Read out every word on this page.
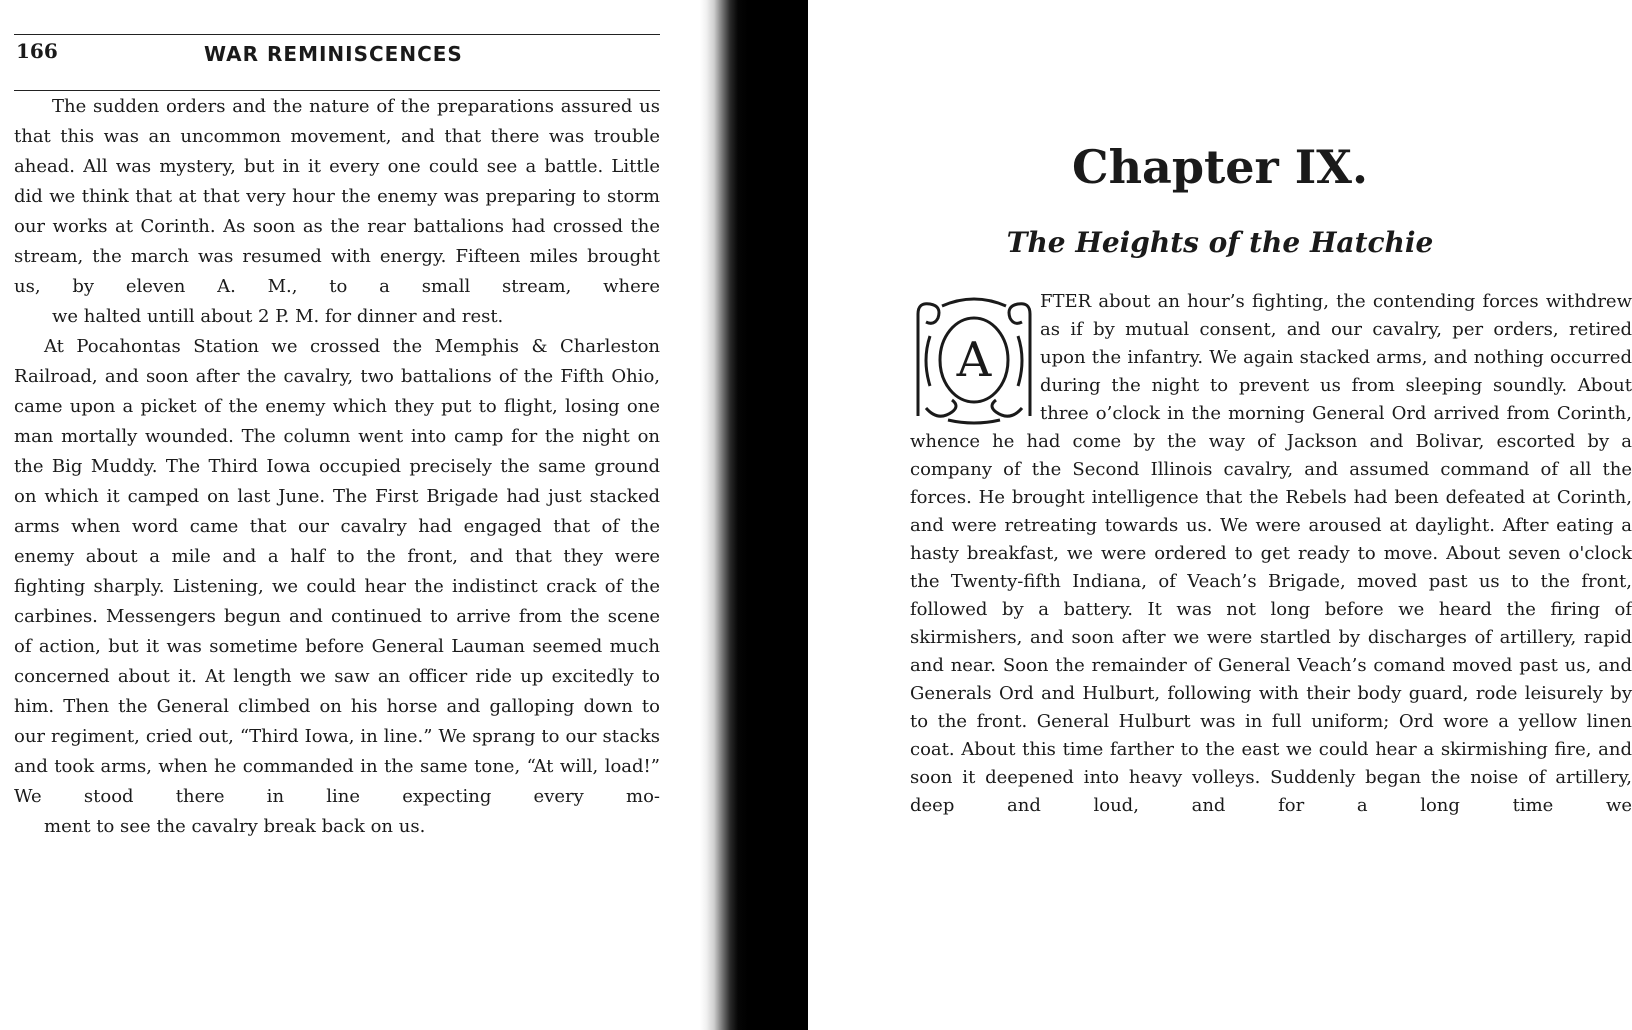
166	WAR REMINISCENCES

The sudden orders and the nature of the preparations assured us that this was an uncommon movement, and that there was trouble ahead. All was mystery, but in it every one could see a battle. Little did we think that at that very hour the enemy was preparing to storm our works at Corinth. As soon as the rear battalions had crossed the stream, the march was resumed with energy. Fifteen miles brought us, by eleven A. M., to a small stream, where
we halted untill about 2 P. M. for dinner and rest.

At Pocahontas Station we crossed the Memphis & Charleston Railroad, and soon after the cavalry, two battalions of the Fifth Ohio, came upon a picket of the enemy which they put to flight, losing one man mortally wounded. The column went into camp for the night on the Big Muddy. The Third Iowa occupied precisely the same ground on which it camped on last June. The First Brigade had just stacked arms when word came that our cavalry had engaged that of the enemy about a mile and a half to the front, and that they were fighting sharply. Listening, we could hear the indistinct crack of the carbines. Messengers begun and continued to arrive from the scene of action, but it was sometime before General Lauman seemed much concerned about it. At length we saw an officer ride up excitedly to him. Then the General climbed on his horse and galloping down to our regiment, cried out, “Third Iowa, in line.” We sprang to our stacks and took arms, when he commanded in the same tone, “At will, load!” We stood there in line expecting every mo-
ment to see the cavalry break back on us.

Chapter IX.
The Heights of the Hatchie
A

FTER about an hour’s fighting, the contending forces withdrew as if by mutual consent, and our cavalry, per orders, retired upon the infantry. We again stacked arms, and nothing occurred during the night to prevent us from sleeping soundly. About three o’clock in the morning General Ord arrived from Corinth, whence he had come by the way of Jackson and Bolivar, escorted by a company of the Second Illinois cavalry, and assumed command of all the forces. He brought intelligence that the Rebels had been defeated at Corinth, and were retreating towards us. We were aroused at daylight. After eating a hasty breakfast, we were ordered to get ready to move. About seven o'clock the Twenty-fifth Indiana, of Veach’s Brigade, moved past us to the front, followed by a battery. It was not long before we heard the firing of skirmishers, and soon after we were startled by discharges of artillery, rapid and near. Soon the remainder of General Veach’s comand moved past us, and Generals Ord and Hulburt, following with their body guard, rode leisurely by to the front. General Hulburt was in full uniform; Ord wore a yellow linen coat. About this time farther to the east we could hear a skirmishing fire, and soon it deepened into heavy volleys. Suddenly began the noise of artillery, deep and loud, and for a long time we
